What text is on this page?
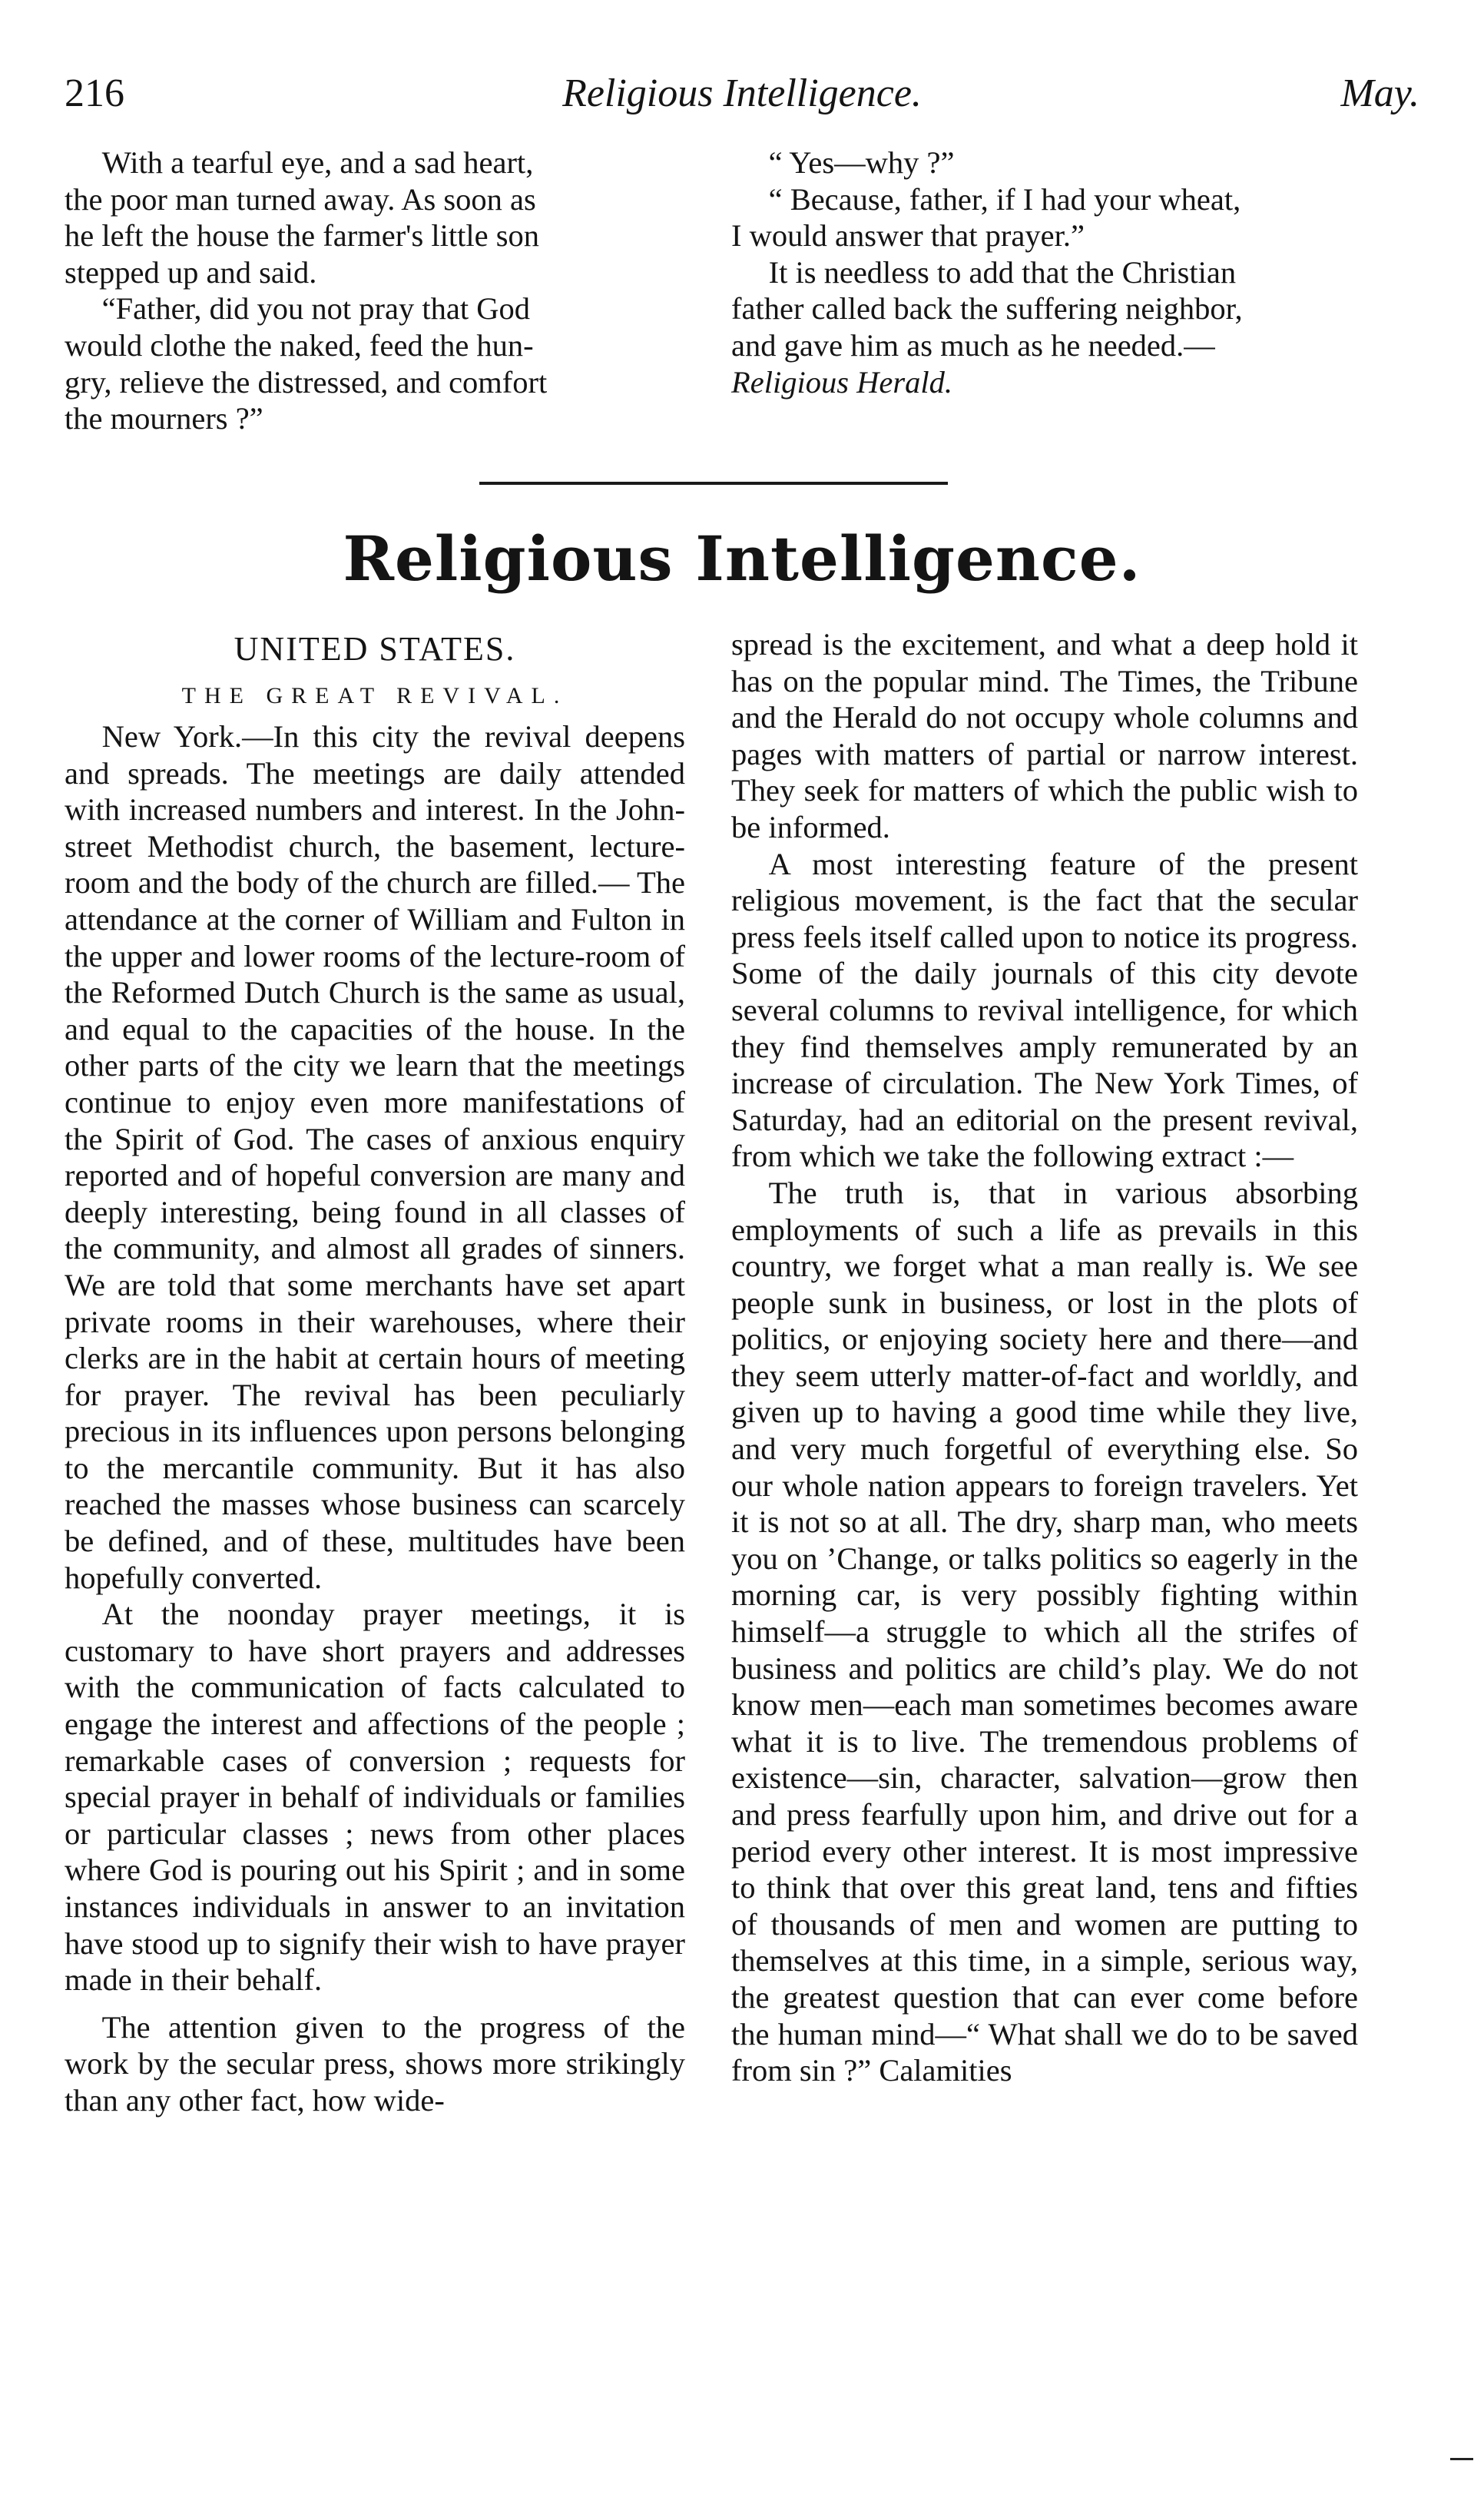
216	Religious Intelligence.	May.

With a tearful eye, and a sad heart,

the poor man turned away. As soon as

he left the house the farmer's little son

stepped up and said.

“Father, did you not pray that God

would clothe the naked, feed the hun-

gry, relieve the distressed, and comfort

the mourners ?”

“ Yes—why ?”

“ Because, father, if I had your wheat,

I would answer that prayer.”

It is needless to add that the Christian

father called back the suffering neighbor,

and gave him as much as he needed.—

Religious Herald.

Religious Intelligence.
UNITED STATES.
THE GREAT REVIVAL.

New York.—In this city the revival deepens and spreads. The meetings are daily attended with increased numbers and interest. In the John-street Methodist church, the basement, lecture-room and the body of the church are filled.— The attendance at the corner of William and Fulton in the upper and lower rooms of the lecture-room of the Reformed Dutch Church is the same as usual, and equal to the capacities of the house. In the other parts of the city we learn that the meetings continue to enjoy even more manifestations of the Spirit of God. The cases of anxious enquiry reported and of hopeful conversion are many and deeply interesting, being found in all classes of the community, and almost all grades of sinners. We are told that some merchants have set apart private rooms in their warehouses, where their clerks are in the habit at certain hours of meeting for prayer. The revival has been peculiarly precious in its influences upon persons belonging to the mercantile community. But it has also reached the masses whose business can scarcely be defined, and of these, multitudes have been hopefully converted.

At the noonday prayer meetings, it is customary to have short prayers and addresses with the communication of facts calculated to engage the interest and affections of the people ; remarkable cases of conversion ; requests for special prayer in behalf of individuals or families or particular classes ; news from other places where God is pouring out his Spirit ; and in some instances individuals in answer to an invitation have stood up to signify their wish to have prayer made in their behalf.

The attention given to the progress of the work by the secular press, shows more strikingly than any other fact, how wide-

spread is the excitement, and what a deep hold it has on the popular mind. The Times, the Tribune and the Herald do not occupy whole columns and pages with matters of partial or narrow interest. They seek for matters of which the public wish to be informed.

A most interesting feature of the present religious movement, is the fact that the secular press feels itself called upon to notice its progress. Some of the daily journals of this city devote several columns to revival intelligence, for which they find themselves amply remunerated by an increase of circulation. The New York Times, of Saturday, had an editorial on the present revival, from which we take the following extract :—

The truth is, that in various absorbing employments of such a life as prevails in this country, we forget what a man really is. We see people sunk in business, or lost in the plots of politics, or enjoying society here and there—and they seem utterly matter-of-fact and worldly, and given up to having a good time while they live, and very much forgetful of everything else. So our whole nation appears to foreign travelers. Yet it is not so at all. The dry, sharp man, who meets you on ’Change, or talks politics so eagerly in the morning car, is very possibly fighting within himself—a struggle to which all the strifes of business and politics are child’s play. We do not know men—each man sometimes becomes aware what it is to live. The tremendous problems of existence—sin, character, salvation—grow then and press fearfully upon him, and drive out for a period every other interest. It is most impressive to think that over this great land, tens and fifties of thousands of men and women are putting to themselves at this time, in a simple, serious way, the greatest question that can ever come before the human mind—“ What shall we do to be saved from sin ?” Calamities
